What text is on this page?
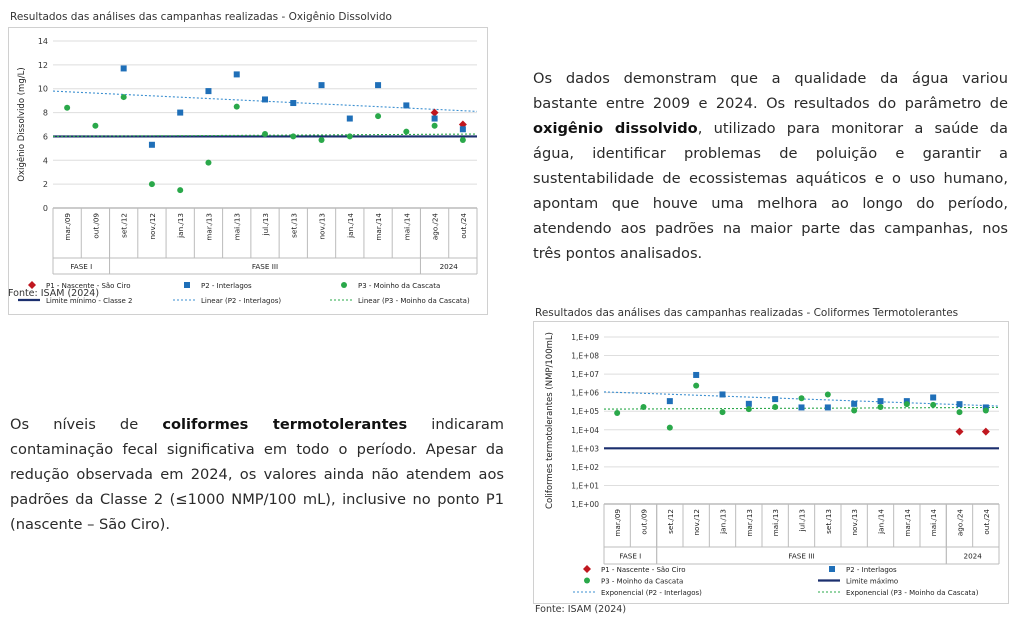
Resultados das análises das campanhas realizadas - Oxigênio Dissolvido
0
2
4
6
8
10
12
14
Oxigênio Dissolvido (mg/L)
mar./09	out./09	set./12	nov./12	jan./13	mar./13	mai./13	jul./13	set./13	nov./13	jan./14	mar./14	mai./14	ago./24	out./24
FASE I	FASE III	2024
P1 - Nascente - São Ciro	P2 - Interlagos	P3 - Moinho da Cascata
Limite mínimo - Classe 2	Linear (P2 - Interlagos)	Linear (P3 - Moinho da Cascata)
Fonte: ISAM (2024)
Os dados demonstram que a qualidade da água variou
bastante entre 2009 e 2024. Os resultados do parâmetro de
oxigênio dissolvido, utilizado para monitorar a saúde da
água, identificar problemas de poluição e garantir a
sustentabilidade de ecossistemas aquáticos e o uso humano,
apontam que houve uma melhora ao longo do período,
atendendo aos padrões na maior parte das campanhas, nos
três pontos analisados.
Resultados das análises das campanhas realizadas - Coliformes Termotolerantes
1,E+00
1,E+01
1,E+02
1,E+03
1,E+04
1,E+05
1,E+06
1,E+07
1,E+08
1,E+09
Coliformes termotolerantes (NMP/100mL)
mar./09 out./09 set./12 nov./12 jan./13 mar./13 mai./13 jul./13 set./13 nov./13 jan./14 mar./14 mai./14 ago./24 out./24
FASE I	FASE III	2024
P1 - Nascente - São Ciro	P2 - Interlagos
P3 - Moinho da Cascata	Limite máximo
Exponencial (P2 - Interlagos)	Exponencial (P3 - Moinho da Cascata)
Fonte: ISAM (2024)
Os níveis de coliformes termotolerantes indicaram
contaminação fecal significativa em todo o período. Apesar da
redução observada em 2024, os valores ainda não atendem aos
padrões da Classe 2 (≤1000 NMP/100 mL), inclusive no ponto P1
(nascente – São Ciro).
